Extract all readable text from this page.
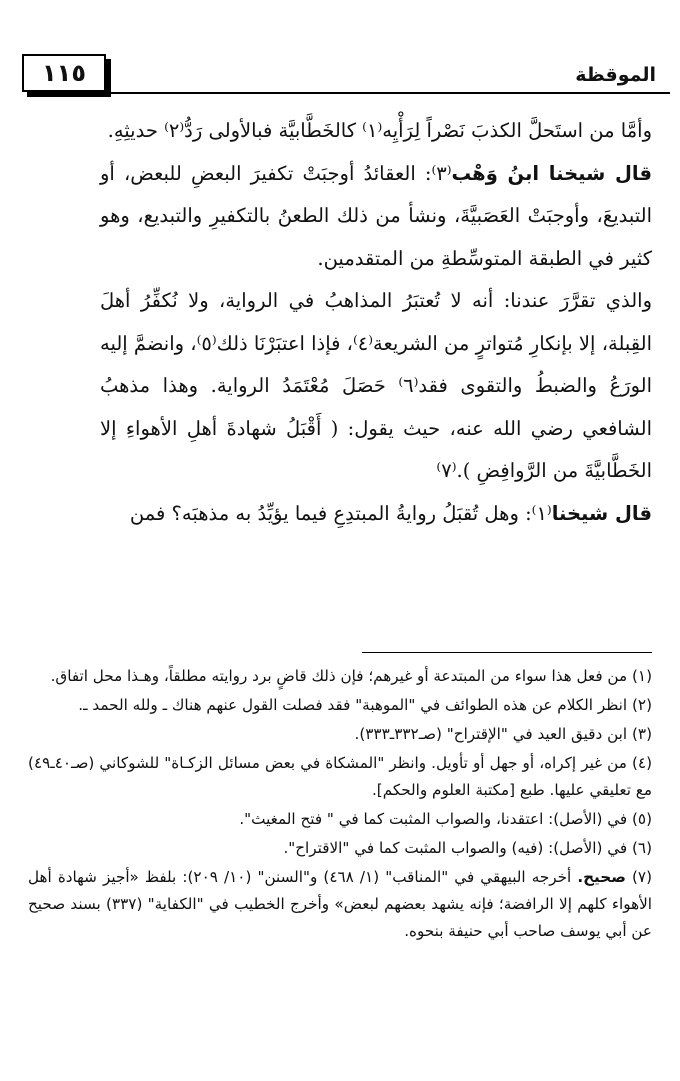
١١٥	الموقظة

وأمَّا من استَحلَّ الكذبَ نَصْراً لِرَأْيِه⁽١⁾ كالخَطَّابيَّة فبالأولى رَدُّ⁽٢⁾ حديثِهِ.

قال شيخنا ابنُ وَهْب⁽٣⁾: العقائدُ أوجبَتْ تكفيرَ البعضِ للبعض، أو التبديعَ، وأوجبَتْ العَصَبيَّةَ، ونشأ من ذلك الطعنُ بالتكفيرِ والتبديع، وهو كثير في الطبقة المتوسِّطةِ من المتقدمين.

والذي تقرَّرَ عندنا: أنه لا تُعتبَرُ المذاهبُ في الرواية، ولا نُكفِّرُ أهلَ القِبلة، إلا بإنكارِ مُتواترٍ من الشريعة⁽٤⁾، فإذا اعتبَرْنَا ذلك⁽٥⁾، وانضمَّ إليه الورَعُ والضبطُ والتقوى فقد⁽٦⁾ حَصَلَ مُعْتَمَدُ الرواية. وهذا مذهبُ الشافعي رضي الله عنه، حيث يقول: ( أَقْبَلُ شهادةَ أهلِ الأهواءِ إلا الخَطَّابيَّةَ من الرَّوافِضِ ).⁽٧⁾

قال شيخنا⁽١⁾: وهل تُقبَلُ روايةُ المبتدِعِ فيما يؤيِّدُ به مذهبَه؟ فمن

(١) من فعل هذا سواء من المبتدعة أو غيرهم؛ فإن ذلك قاضٍ برد روايته مطلقاً، وهـذا محل اتفاق.

(٢) انظر الكلام عن هذه الطوائف في "الموهبة" فقد فصلت القول عنهم هناك ـ ولله الحمد ـ.

(٣) ابن دقيق العيد في "الإقتراح" (صـ٣٣٢ـ٣٣٣).

(٤) من غير إكراه، أو جهل أو تأويل. وانظر "المشكاة في بعض مسائل الزكـاة" للشوكاني (صـ٤٠ـ٤٩) مع تعليقي عليها. طبع [مكتبة العلوم والحكم].

(٥) في (الأصل): اعتقدنا، والصواب المثبت كما في " فتح المغيث".

(٦) في (الأصل): (فيه) والصواب المثبت كما في "الاقتراح".

(٧) صحيح. أخرجه البيهقي في "المناقب" (١/ ٤٦٨) و"السنن" (١٠/ ٢٠٩): بلفظ «أجيز شهادة أهل الأهواء كلهم إلا الرافضة؛ فإنه يشهد بعضهم لبعض» وأخرج الخطيب في "الكفاية" (٣٣٧) بسند صحيح عن أبي يوسف صاحب أبي حنيفة بنحوه.
